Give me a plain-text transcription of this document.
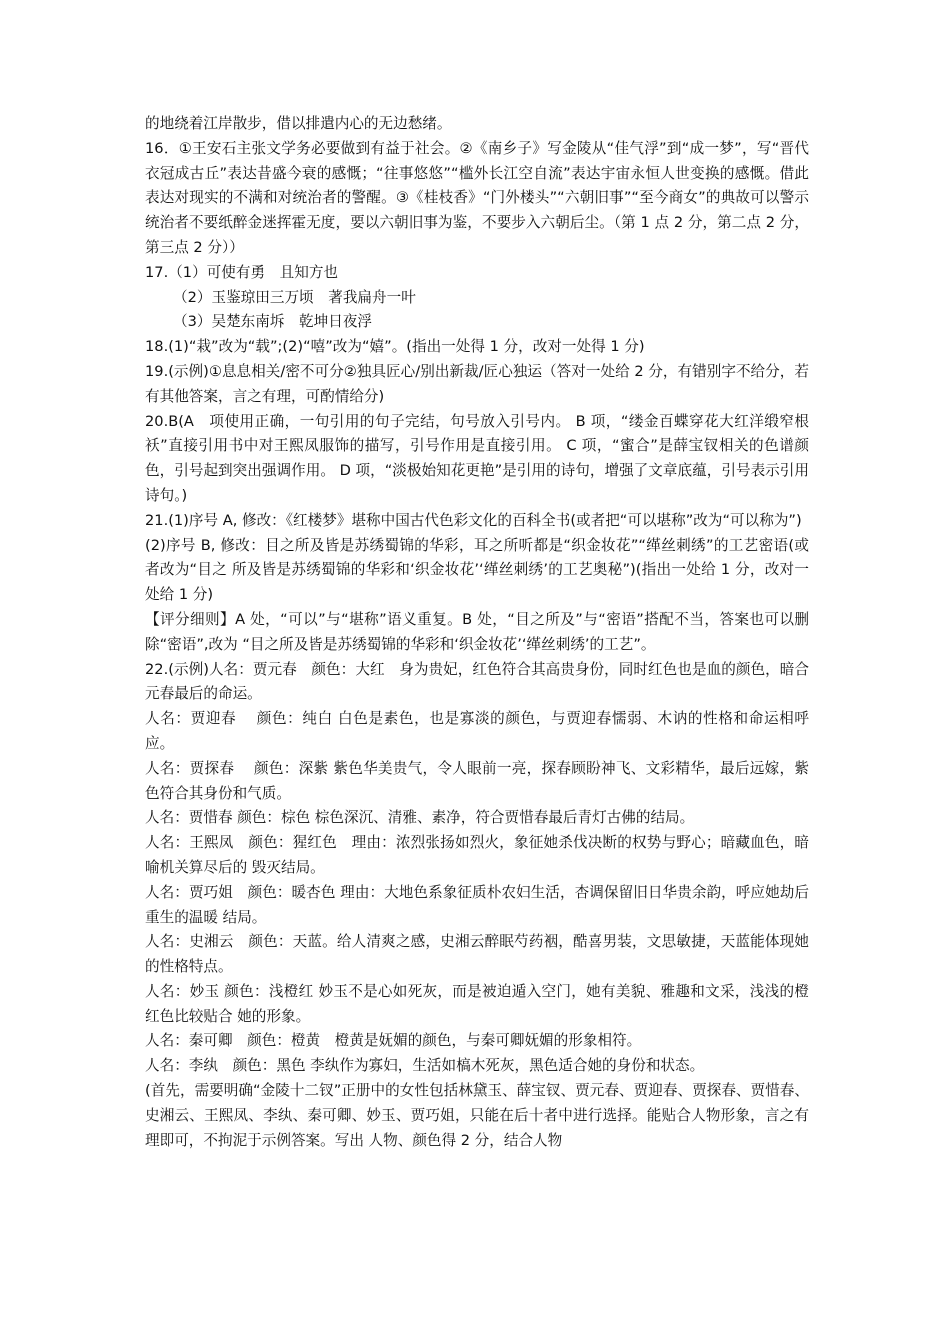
的地绕着江岸散步，借以排遣内心的无边愁绪。

16．①王安石主张文学务必要做到有益于社会。②《南乡子》写金陵从“佳气浮”到“成一梦”，写“晋代衣冠成古丘”表达昔盛今衰的感慨；“往事悠悠”“槛外长江空自流”表达宇宙永恒人世变换的感慨。借此表达对现实的不满和对统治者的警醒。③《桂枝香》“门外楼头”“六朝旧事”“至今商女”的典故可以警示统治者不要纸醉金迷挥霍无度，要以六朝旧事为鉴，不要步入六朝后尘。（第 1 点 2 分，第二点 2 分，第三点 2 分））

17.（1）可使有勇　且知方也

（2）玉鉴琼田三万顷　著我扁舟一叶

（3）吴楚东南坼　乾坤日夜浮

18.(1)“栽”改为“载”;(2)“嘻”改为“嬉”。(指出一处得 1 分，改对一处得 1 分)

19.(示例)①息息相关/密不可分②独具匠心/别出新裁/匠心独运（答对一处给 2 分，有错别字不给分，若有其他答案，言之有理，可酌情给分)

20.B(A　项使用正确，一句引用的句子完结，句号放入引号内。 B 项，“缕金百蝶穿花大红洋缎窄根袄”直接引用书中对王熙凤服饰的描写，引号作用是直接引用。 C 项，“蜜合”是薛宝钗相关的色谱颜色，引号起到突出强调作用。 D 项，“淡极始知花更艳”是引用的诗句，增强了文章底蕴，引号表示引用诗句。)

21.(1)序号 A, 修改：《红楼梦》堪称中国古代色彩文化的百科全书(或者把“可以堪称”改为“可以称为”)

(2)序号 B, 修改：目之所及皆是苏绣蜀锦的华彩，耳之所听都是“织金妆花”“缂丝刺绣”的工艺密语(或者改为“目之 所及皆是苏绣蜀锦的华彩和‘织金妆花’‘缂丝刺绣’的工艺奥秘”)(指出一处给 1 分，改对一处给 1 分)

【评分细则】A 处，“可以”与“堪称”语义重复。B 处，“目之所及”与“密语”搭配不当，答案也可以删除“密语”,改为 “目之所及皆是苏绣蜀锦的华彩和‘织金妆花’‘缂丝刺绣’的工艺”。

22.(示例)人名：贾元春　颜色：大红　身为贵妃，红色符合其高贵身份，同时红色也是血的颜色，暗合元春最后的命运。

人名：贾迎春　 颜色：纯白 白色是素色，也是寡淡的颜色，与贾迎春懦弱、木讷的性格和命运相呼应。

人名：贾探春　 颜色：深紫 紫色华美贵气，令人眼前一亮，探春顾盼神飞、文彩精华，最后远嫁，紫色符合其身份和气质。

人名：贾惜春 颜色：棕色 棕色深沉、清雅、素净，符合贾惜春最后青灯古佛的结局。

人名：王熙凤　颜色：猩红色　理由：浓烈张扬如烈火，象征她杀伐决断的权势与野心；暗藏血色，暗喻机关算尽后的 毁灭结局。

人名：贾巧姐　颜色：暖杏色 理由：大地色系象征质朴农妇生活，杏调保留旧日华贵余韵，呼应她劫后重生的温暖 结局。

人名：史湘云　颜色：天蓝。给人清爽之感，史湘云醉眠芍药裀，酷喜男装，文思敏捷，天蓝能体现她的性格特点。

人名：妙玉 颜色：浅橙红 妙玉不是心如死灰，而是被迫遁入空门，她有美貌、雅趣和文采，浅浅的橙红色比较贴合 她的形象。

人名：秦可卿　颜色：橙黄　橙黄是妩媚的颜色，与秦可卿妩媚的形象相符。

人名：李纨　颜色：黑色 李纨作为寡妇，生活如槁木死灰，黑色适合她的身份和状态。

(首先，需要明确“金陵十二钗”正册中的女性包括林黛玉、薛宝钗、贾元春、贾迎春、贾探春、贾惜春、史湘云、王熙凤、李纨、秦可卿、妙玉、贾巧姐，只能在后十者中进行选择。能贴合人物形象，言之有理即可，不拘泥于示例答案。写出 人物、颜色得 2 分，结合人物
